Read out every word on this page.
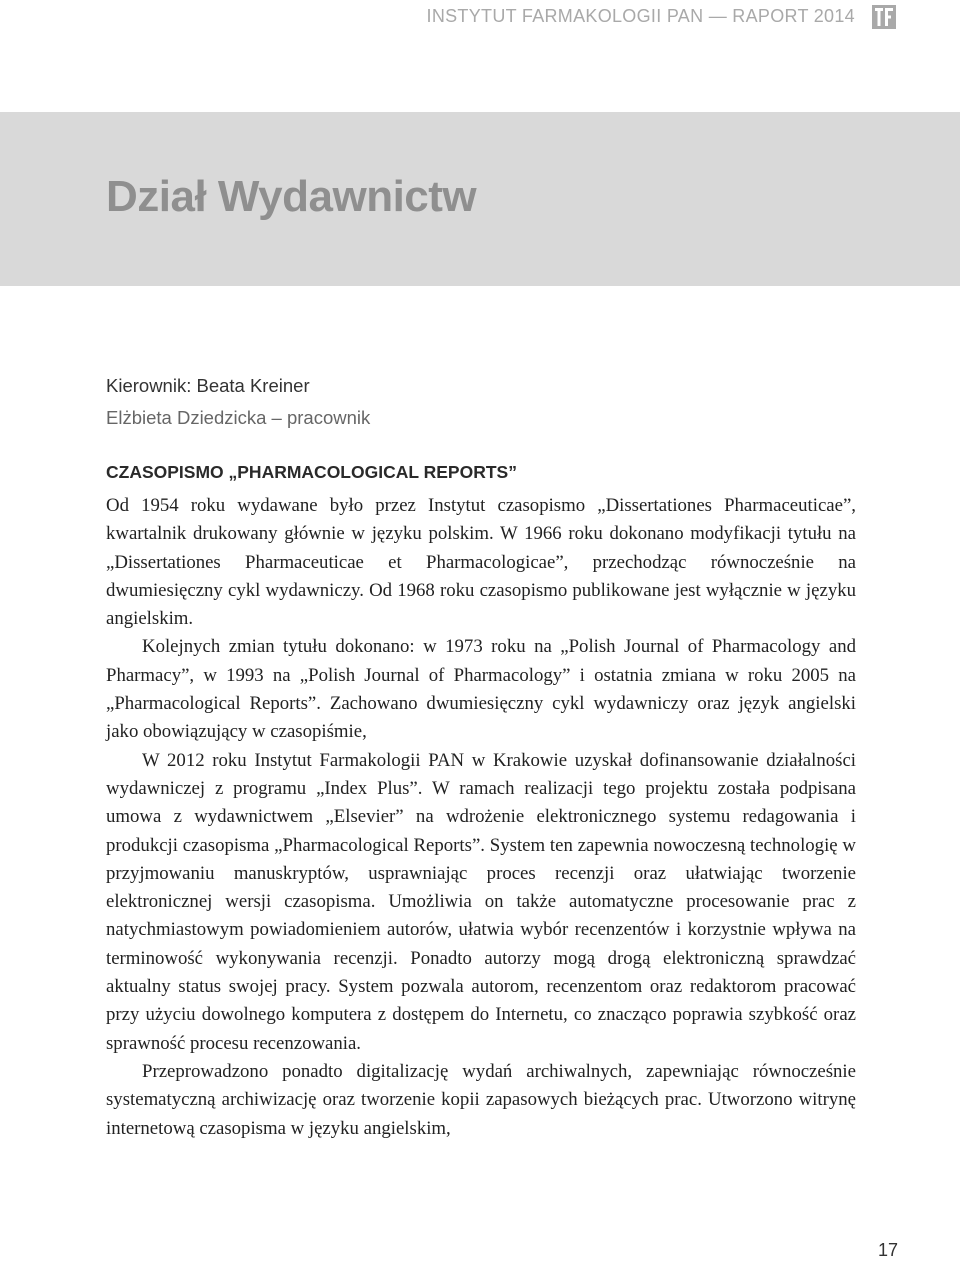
INSTYTUT FARMAKOLOGII PAN — RAPORT 2014
Dział Wydawnictw
Kierownik: Beata Kreiner
Elżbieta Dziedzicka – pracownik
CZASOPISMO „PHARMACOLOGICAL REPORTS”

Od 1954 roku wydawane było przez Instytut czasopismo „Dissertationes Pharmaceuticae”, kwartalnik drukowany głównie w języku polskim. W 1966 roku dokonano modyfikacji tytułu na „Dissertationes Pharmaceuticae et Pharmacologicae”, przechodząc równocześnie na dwumiesięczny cykl wydawniczy. Od 1968 roku czasopismo publikowane jest wyłącznie w języku angielskim.

Kolejnych zmian tytułu dokonano: w 1973 roku na „Polish Journal of Pharmacology and Pharmacy”, w 1993 na „Polish Journal of Pharmacology” i ostatnia zmiana w roku 2005 na „Pharmacological Reports”. Zachowano dwumiesięczny cykl wydawniczy oraz język angielski jako obowiązujący w czasopiśmie,

W 2012 roku Instytut Farmakologii PAN w Krakowie uzyskał dofinansowanie działalności wydawniczej z programu „Index Plus”. W ramach realizacji tego projektu została podpisana umowa z wydawnictwem „Elsevier” na wdrożenie elektronicznego systemu redagowania i produkcji czasopisma „Pharmacological Reports”. System ten zapewnia nowoczesną technologię w przyjmowaniu manuskryptów, usprawniając proces recenzji oraz ułatwiając tworzenie elektronicznej wersji czasopisma. Umożliwia on także automatyczne procesowanie prac z natychmiastowym powiadomieniem autorów, ułatwia wybór recenzentów i korzystnie wpływa na terminowość wykonywania recenzji. Ponadto autorzy mogą drogą elektroniczną sprawdzać aktualny status swojej pracy. System pozwala autorom, recenzentom oraz redaktorom pracować przy użyciu dowolnego komputera z dostępem do Internetu, co znacząco poprawia szybkość oraz sprawność procesu recenzowania.

Przeprowadzono ponadto digitalizację wydań archiwalnych, zapewniając równocześnie systematyczną archiwizację oraz tworzenie kopii zapasowych bieżących prac. Utworzono witrynę internetową czasopisma w języku angielskim,

17
